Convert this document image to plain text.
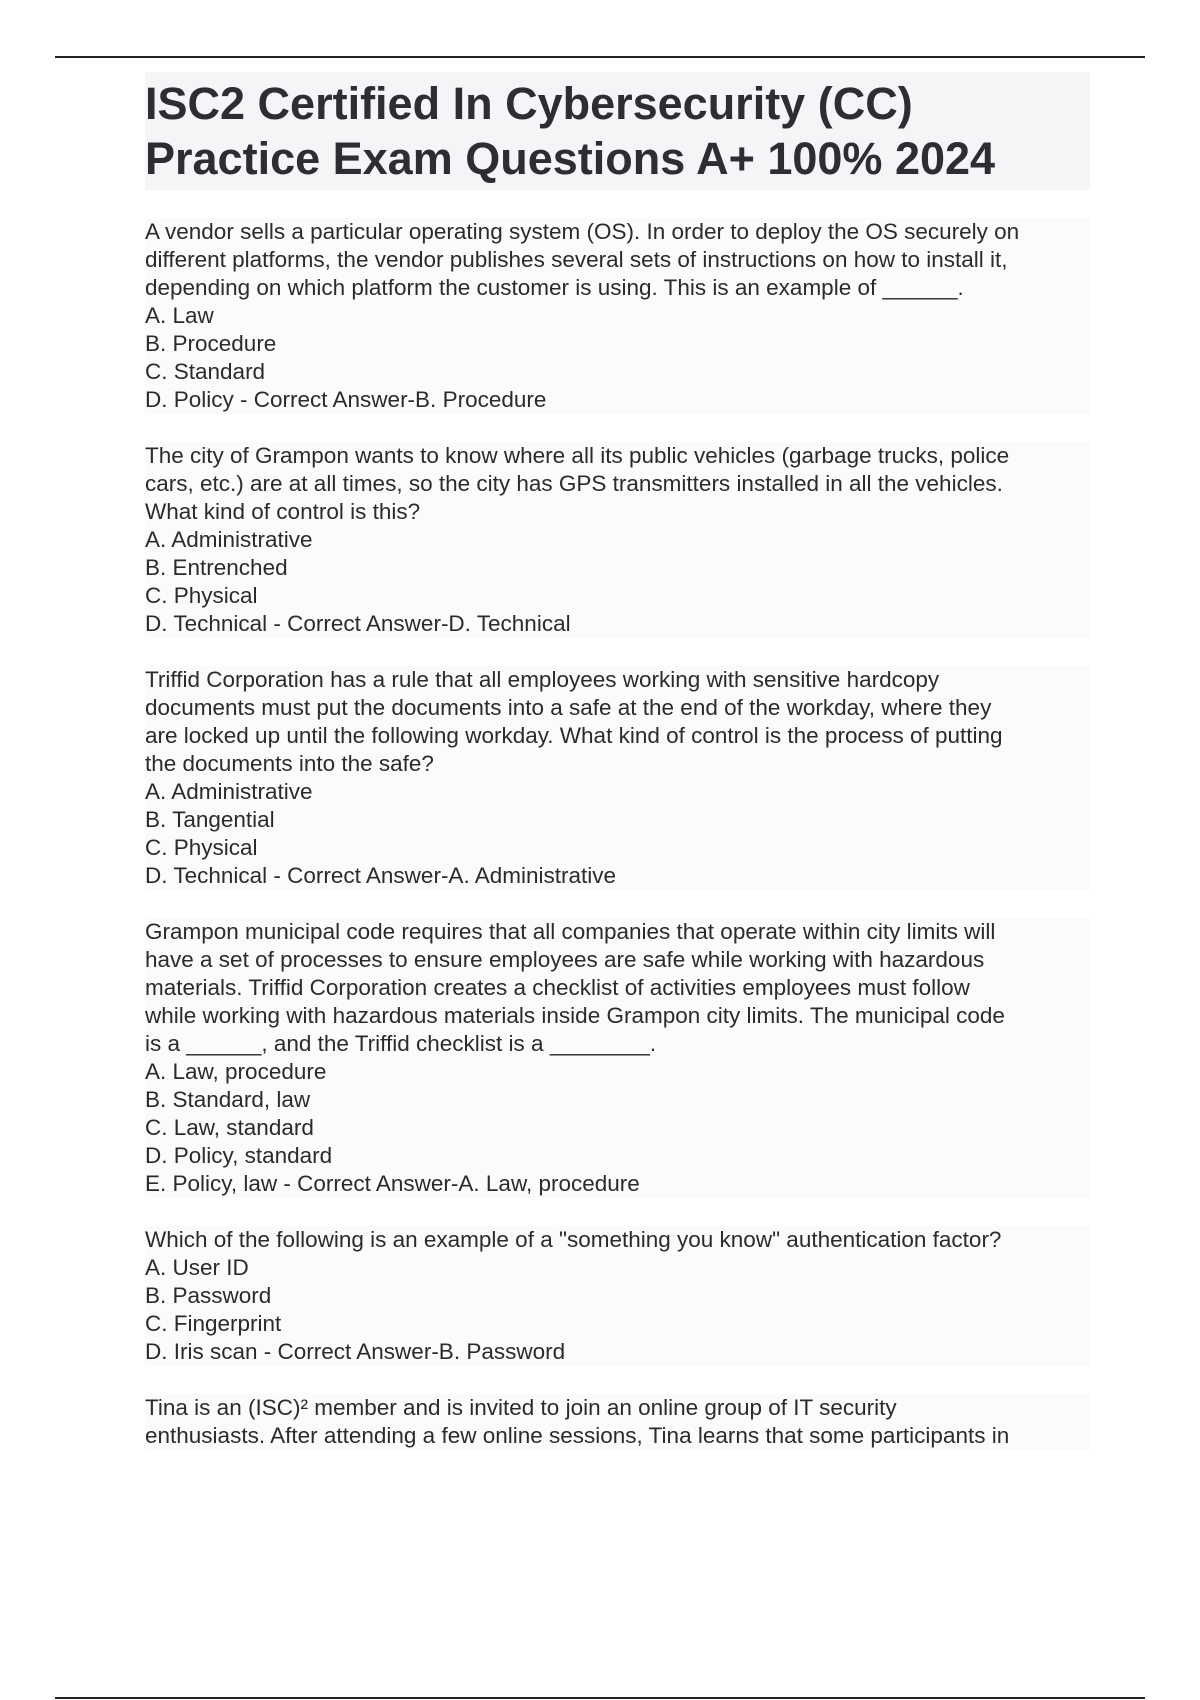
ISC2 Certified In Cybersecurity (CC)
Practice Exam Questions A+ 100% 2024
A vendor sells a particular operating system (OS). In order to deploy the OS securely on
different platforms, the vendor publishes several sets of instructions on how to install it,
depending on which platform the customer is using. This is an example of ______.
A. Law
B. Procedure
C. Standard
D. Policy - Correct Answer-B. Procedure
The city of Grampon wants to know where all its public vehicles (garbage trucks, police
cars, etc.) are at all times, so the city has GPS transmitters installed in all the vehicles.
What kind of control is this?
A. Administrative
B. Entrenched
C. Physical
D. Technical - Correct Answer-D. Technical
Triffid Corporation has a rule that all employees working with sensitive hardcopy
documents must put the documents into a safe at the end of the workday, where they
are locked up until the following workday. What kind of control is the process of putting
the documents into the safe?
A. Administrative
B. Tangential
C. Physical
D. Technical - Correct Answer-A. Administrative
Grampon municipal code requires that all companies that operate within city limits will
have a set of processes to ensure employees are safe while working with hazardous
materials. Triffid Corporation creates a checklist of activities employees must follow
while working with hazardous materials inside Grampon city limits. The municipal code
is a ______, and the Triffid checklist is a ________.
A. Law, procedure
B. Standard, law
C. Law, standard
D. Policy, standard
E. Policy, law - Correct Answer-A. Law, procedure
Which of the following is an example of a "something you know" authentication factor?
A. User ID
B. Password
C. Fingerprint
D. Iris scan - Correct Answer-B. Password
Tina is an (ISC)² member and is invited to join an online group of IT security
enthusiasts. After attending a few online sessions, Tina learns that some participants in
